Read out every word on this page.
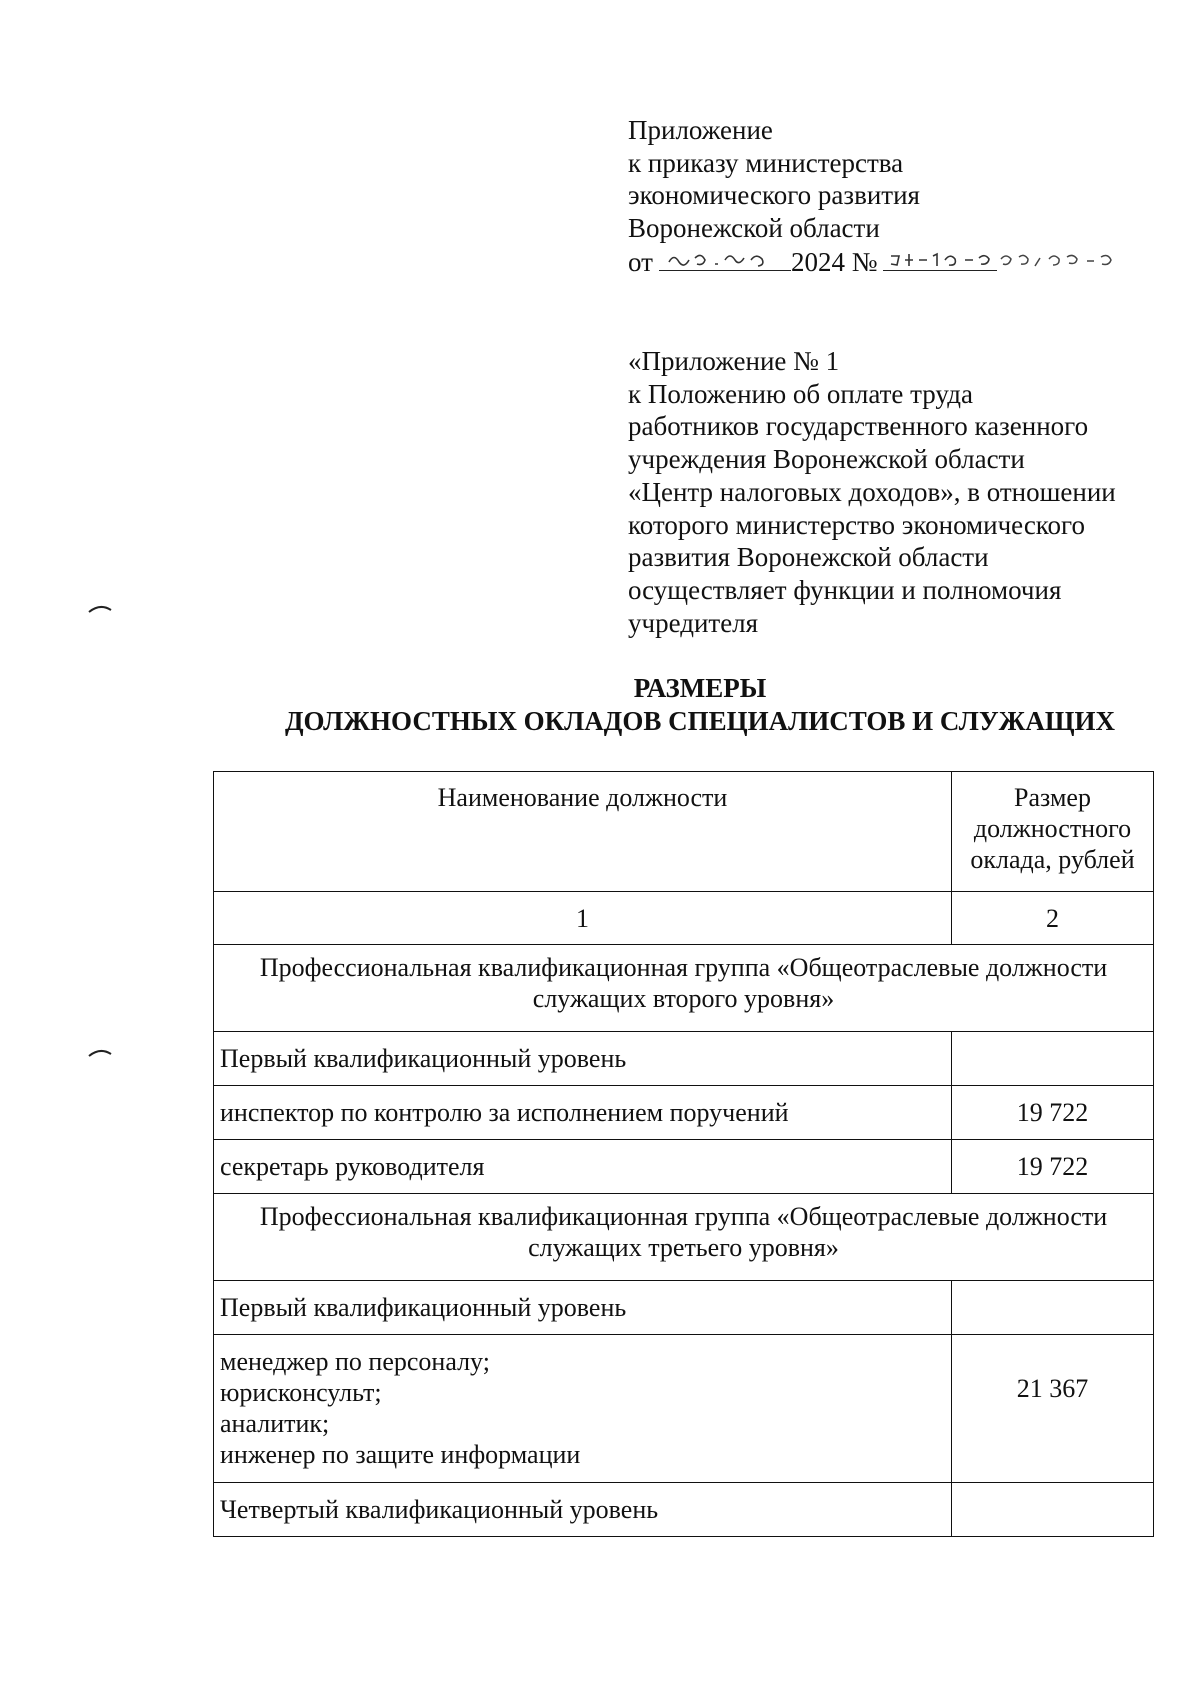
Приложение
к приказу министерства
экономического развития
Воронежской области
от	2024 №
«Приложение № 1
к Положению об оплате труда
работников государственного казенного
учреждения Воронежской области
«Центр налоговых доходов», в отношении
которого министерство экономического
развития Воронежской области
осуществляет функции и полномочия
учредителя
РАЗМЕРЫ
ДОЛЖНОСТНЫХ ОКЛАДОВ СПЕЦИАЛИСТОВ И СЛУЖАЩИХ
Наименование должности	Размер
должностного
оклада, рублей

1	2

Профессиональная квалификационная группа «Общеотраслевые должности
служащих второго уровня»	

Первый квалификационный уровень	
инспектор по контролю за исполнением поручений	19 722
секретарь руководителя	19 722

Профессиональная квалификационная группа «Общеотраслевые должности
служащих третьего уровня»	

Первый квалификационный уровень	

менеджер по персоналу;
юрисконсульт;
аналитик;
инженер по защите информации	21 367
Четвертый квалификационный уровень	
